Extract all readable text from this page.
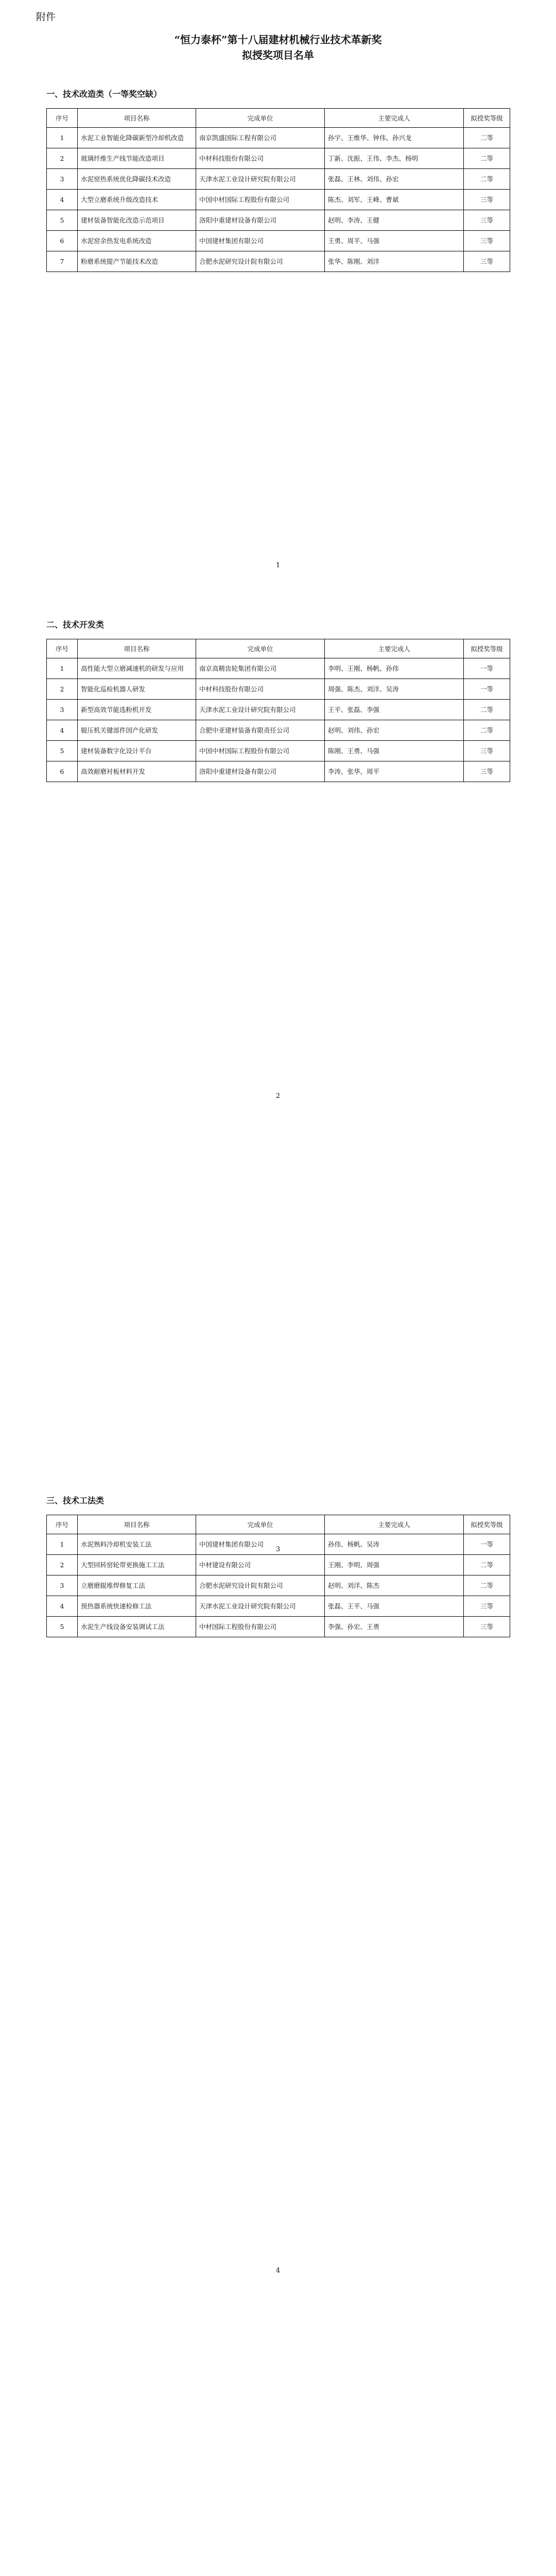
附件

“恒力泰杯”第十八届建材机械行业技术革新奖

拟授奖项目名单

一、技术改造类（一等奖空缺）
序号	项目名称	完成单位	主要完成人	拟授奖等级
1	水泥工业智能化降碳新型冷却机改造	南京凯盛国际工程有限公司	孙宇、王维华、钟伟、孙兴龙	二等
2	玻璃纤维生产线节能改造项目	中材科技股份有限公司	丁新、沈振、王伟、李杰、杨明	二等
3	水泥窑热系统优化降碳技术改造	天津水泥工业设计研究院有限公司	张磊、王林、刘伟、孙宏	二等
4	大型立磨系统升级改造技术	中国中材国际工程股份有限公司	陈杰、刘军、王峰、曹斌	三等
5	建材装备智能化改造示范项目	洛阳中重建材设备有限公司	赵明、李涛、王健	三等
6	水泥窑余热发电系统改造	中国建材集团有限公司	王勇、周平、马强	三等
7	粉磨系统提产节能技术改造	合肥水泥研究设计院有限公司	张华、陈刚、刘洋	三等
二、技术开发类
序号	项目名称	完成单位	主要完成人	拟授奖等级
1	高性能大型立磨减速机的研发与应用	南京高精齿轮集团有限公司	李明、王刚、杨帆、孙伟	一等
2	智能化巡检机器人研发	中材科技股份有限公司	周强、陈杰、刘洋、吴涛	一等
3	新型高效节能选粉机开发	天津水泥工业设计研究院有限公司	王平、张磊、李强	二等
4	辊压机关键部件国产化研发	合肥中亚建材装备有限责任公司	赵明、刘伟、孙宏	二等
5	建材装备数字化设计平台	中国中材国际工程股份有限公司	陈刚、王勇、马强	三等
6	高效耐磨衬板材料开发	洛阳中重建材设备有限公司	李涛、张华、周平	三等
三、技术工法类
序号	项目名称	完成单位	主要完成人	拟授奖等级
1	水泥熟料冷却机安装工法	中国建材集团有限公司	孙伟、杨帆、吴涛	一等
2	大型回转窑轮带更换施工工法	中材建设有限公司	王刚、李明、周强	二等
3	立磨磨辊堆焊修复工法	合肥水泥研究设计院有限公司	赵明、刘洋、陈杰	二等
4	预热器系统快速检修工法	天津水泥工业设计研究院有限公司	张磊、王平、马强	三等
5	水泥生产线设备安装调试工法	中材国际工程股份有限公司	李强、孙宏、王勇	三等
1
2
3
4
